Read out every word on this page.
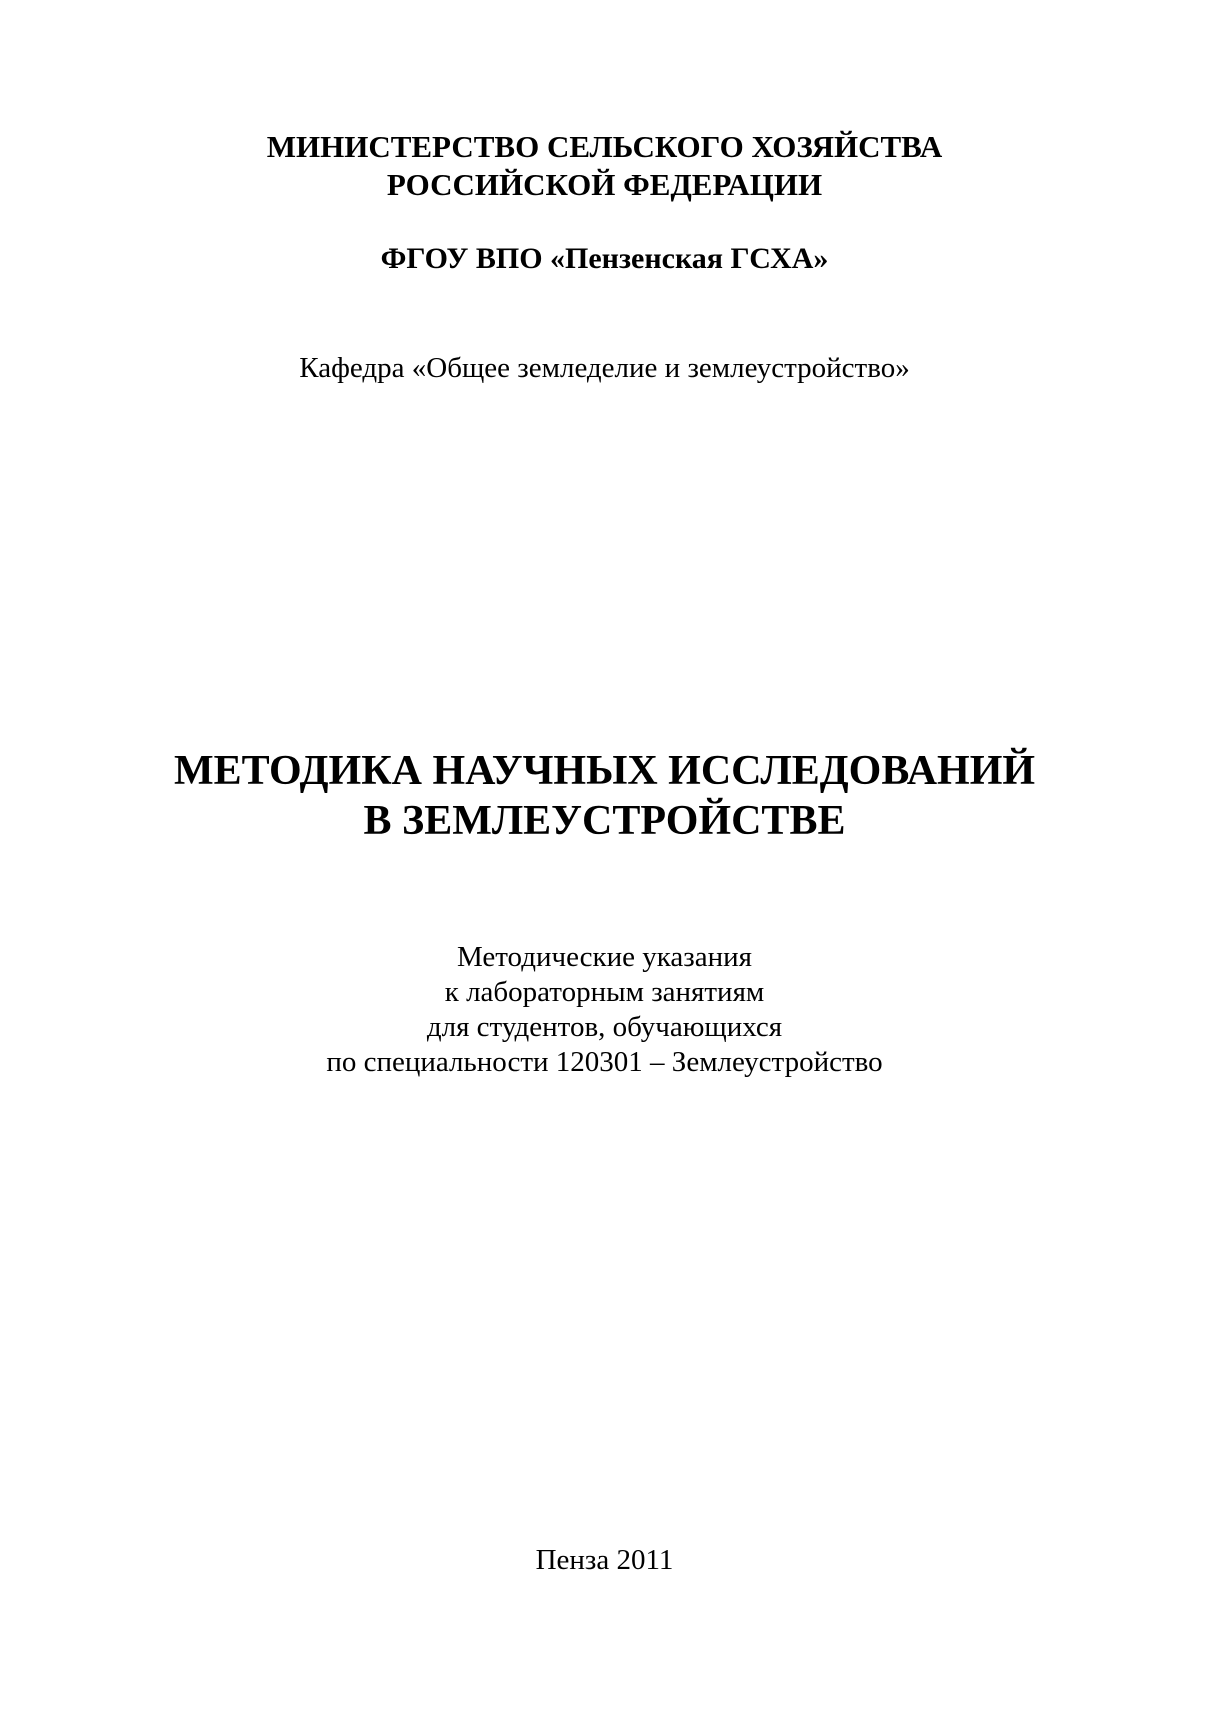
МИНИСТЕРСТВО СЕЛЬСКОГО ХОЗЯЙСТВА
РОССИЙСКОЙ ФЕДЕРАЦИИ
ФГОУ ВПО «Пензенская ГСХА»
Кафедра «Общее земледелие и землеустройство»
МЕТОДИКА НАУЧНЫХ ИССЛЕДОВАНИЙ
В ЗЕМЛЕУСТРОЙСТВЕ
Методические указания
к лабораторным занятиям
для студентов, обучающихся
по специальности 120301 – Землеустройство
Пенза 2011
